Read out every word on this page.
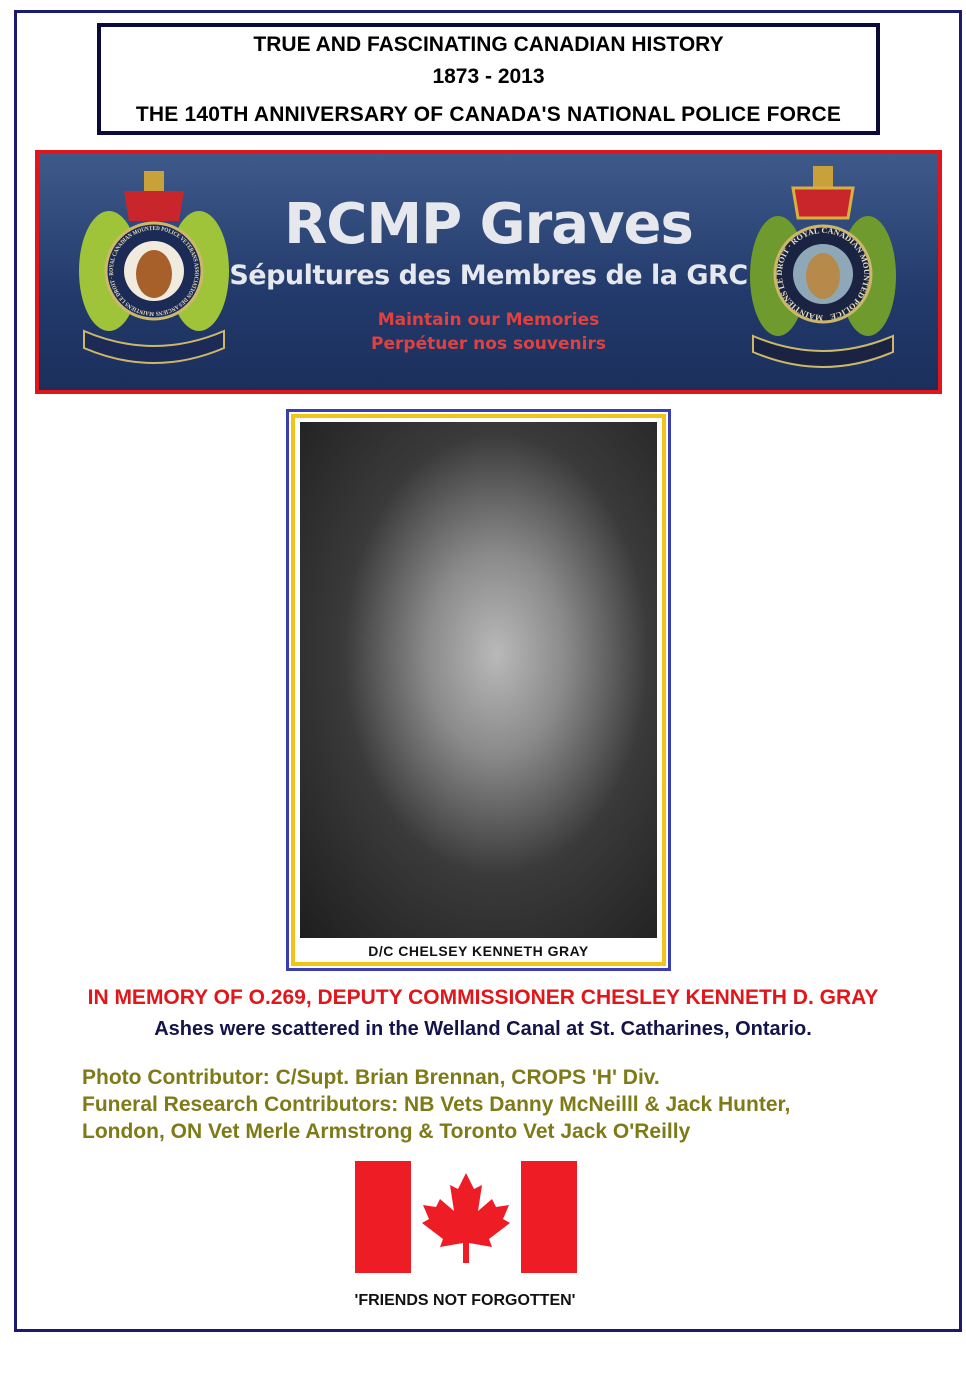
TRUE AND FASCINATING CANADIAN HISTORY
1873 - 2013
THE 140TH ANNIVERSARY OF CANADA'S NATIONAL POLICE FORCE
MAINTIENS LE DROIT · ROYAL CANADIAN MOUNTED POLICE VETERANS ASSOCIATION DES ANCIENS	MAINTIENS LE DROIT · ROYAL CANADIAN MOUNTED POLICE
RCMP Graves
Sépultures des Membres de la GRC
Maintain our Memories
Perpétuer nos souvenirs
D/C CHELSEY KENNETH GRAY
IN MEMORY OF O.269, DEPUTY COMMISSIONER CHESLEY KENNETH D. GRAY
Ashes were scattered in the Welland Canal at St. Catharines, Ontario.
Photo Contributor: C/Supt. Brian Brennan, CROPS 'H' Div.
Funeral Research Contributors: NB Vets Danny McNeilll & Jack Hunter,
London, ON Vet Merle Armstrong & Toronto Vet Jack O'Reilly
'FRIENDS NOT FORGOTTEN'
